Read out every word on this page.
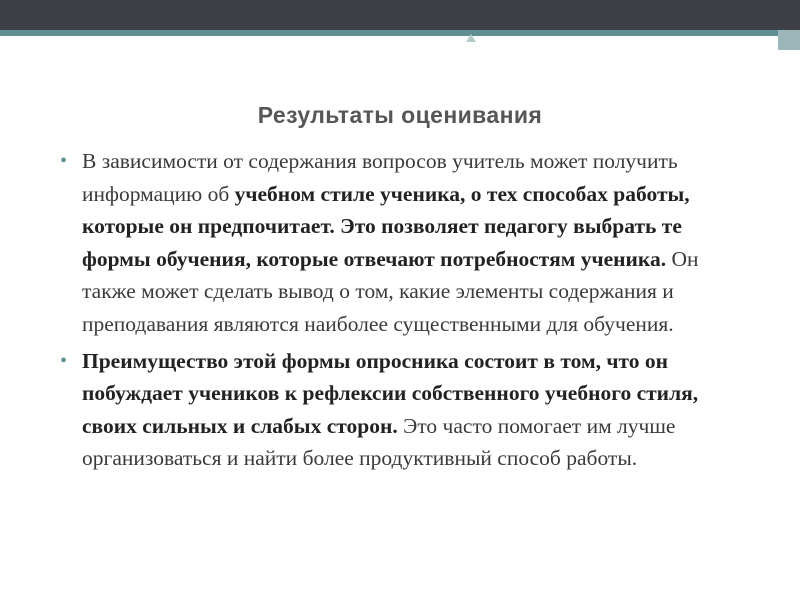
Результаты оценивания
• В зависимости от содержания вопросов учитель может получить информацию об учебном стиле ученика, о тех способах работы, которые он предпочитает. Это позволяет педагогу выбрать те формы обучения, которые отвечают потребностям ученика. Он также может сделать вывод о том, какие элементы содержания и преподавания являются наиболее существенными для обучения.
• Преимущество этой формы опросника состоит в том, что он побуждает учеников к рефлексии собственного учебного стиля, своих сильных и слабых сторон. Это часто помогает им лучше организоваться и найти более продуктивный способ работы.
